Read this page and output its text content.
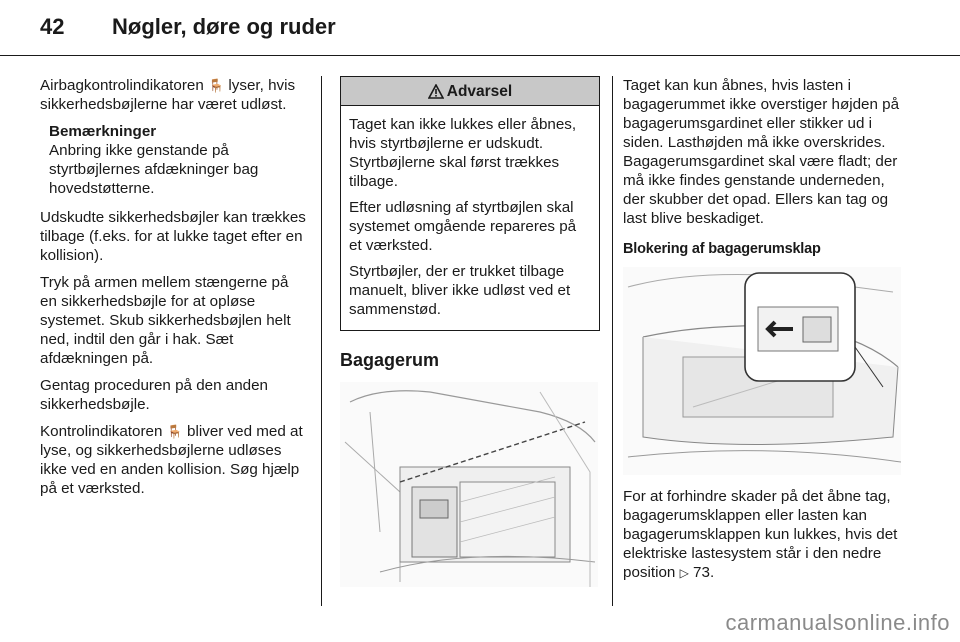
42	Nøgler, døre og ruder

Airbagkontrolindikatoren 🪑 lyser, hvis sikkerhedsbøjlerne har været udløst.

Bemærkninger
Anbring ikke genstande på styrtbøjlernes afdækninger bag hovedstøtterne.

Udskudte sikkerhedsbøjler kan trækkes tilbage (f.eks. for at lukke taget efter en kollision).

Tryk på armen mellem stængerne på en sikkerhedsbøjle for at opløse systemet. Skub sikkerhedsbøjlen helt ned, indtil den går i hak. Sæt afdækningen på.

Gentag proceduren på den anden sikkerhedsbøjle.

Kontrolindikatoren 🪑 bliver ved med at lyse, og sikkerhedsbøjlerne udløses ikke ved en anden kollision. Søg hjælp på et værksted.

Advarsel

Taget kan ikke lukkes eller åbnes, hvis styrtbøjlerne er udskudt. Styrtbøjlerne skal først trækkes tilbage.

Efter udløsning af styrtbøjlen skal systemet omgående repareres på et værksted.

Styrtbøjler, der er trukket tilbage manuelt, bliver ikke udløst ved et sammenstød.

Bagagerum

Taget kan kun åbnes, hvis lasten i bagagerummet ikke overstiger højden på bagagerumsgardinet eller stikker ud i siden. Lasthøjden må ikke overskrides. Bagagerumsgardinet skal være fladt; der må ikke findes genstande underneden, der skubber det opad. Ellers kan tag og last blive beskadiget.

Blokering af bagagerumsklap

For at forhindre skader på det åbne tag, bagagerumsklappen eller lasten kan bagagerumsklappen kun lukkes, hvis det elektriske lastesystem står i den nedre position ▷ 73.

carmanualsonline.info
